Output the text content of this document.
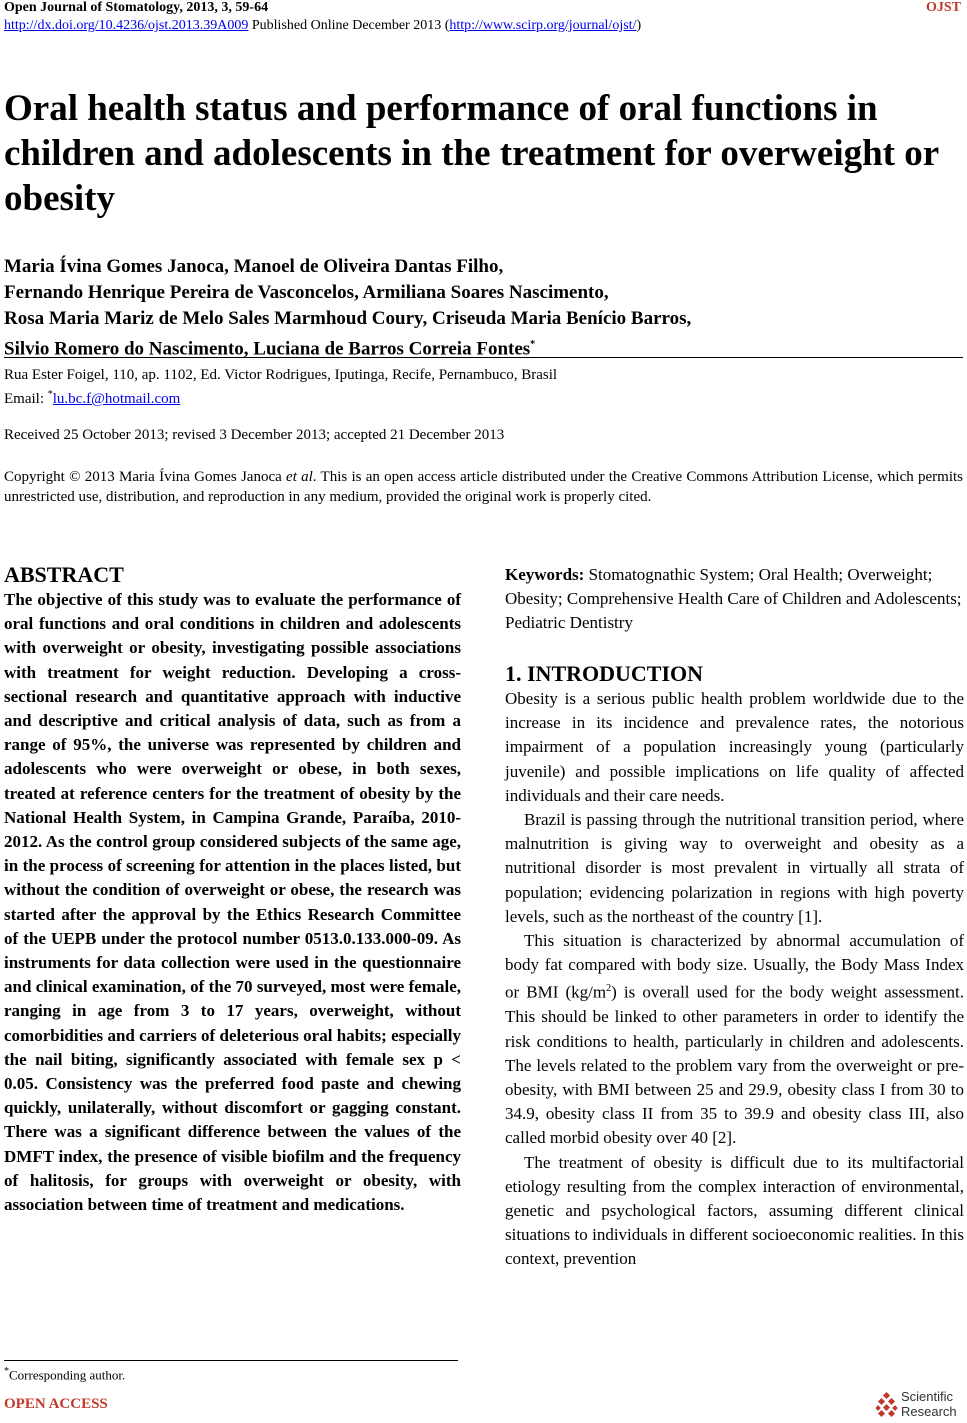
Open Journal of Stomatology, 2013, 3, 59-64	OJST
http://dx.doi.org/10.4236/ojst.2013.39A009 Published Online December 2013 (http://www.scirp.org/journal/ojst/)
Oral health status and performance of oral functions in children and adolescents in the treatment for overweight or obesity
Maria Ívina Gomes Janoca, Manoel de Oliveira Dantas Filho,
Fernando Henrique Pereira de Vasconcelos, Armiliana Soares Nascimento,
Rosa Maria Mariz de Melo Sales Marmhoud Coury, Criseuda Maria Benício Barros,
Silvio Romero do Nascimento, Luciana de Barros Correia Fontes*
Rua Ester Foigel, 110, ap. 1102, Ed. Victor Rodrigues, Iputinga, Recife, Pernambuco, Brasil
Email: *lu.bc.f@hotmail.com
Received 25 October 2013; revised 3 December 2013; accepted 21 December 2013
Copyright © 2013 Maria Ívina Gomes Janoca et al. This is an open access article distributed under the Creative Commons Attribution License, which permits unrestricted use, distribution, and reproduction in any medium, provided the original work is properly cited.
ABSTRACT

The objective of this study was to evaluate the performance of oral functions and oral conditions in children and adolescents with overweight or obesity, investigating possible associations with treatment for weight reduction. Developing a cross-sectional research and quantitative approach with inductive and descriptive and critical analysis of data, such as from a range of 95%, the universe was represented by children and adolescents who were overweight or obese, in both sexes, treated at reference centers for the treatment of obesity by the National Health System, in Campina Grande, Paraíba, 2010-2012. As the control group considered subjects of the same age, in the process of screening for attention in the places listed, but without the condition of overweight or obese, the research was started after the approval by the Ethics Research Committee of the UEPB under the protocol number 0513.0.133.000-09. As instruments for data collection were used in the questionnaire and clinical examination, of the 70 surveyed, most were female, ranging in age from 3 to 17 years, overweight, without comorbidities and carriers of deleterious oral habits; especially the nail biting, significantly associated with female sex p < 0.05. Consistency was the preferred food paste and chewing quickly, unilaterally, without discomfort or gagging constant. There was a significant difference between the values of the DMFT index, the presence of visible biofilm and the frequency of halitosis, for groups with overweight or obesity, with association between time of treatment and medications.

*Corresponding author.

Keywords: Stomatognathic System; Oral Health; Overweight; Obesity; Comprehensive Health Care of Children and Adolescents; Pediatric Dentistry

1. INTRODUCTION

Obesity is a serious public health problem worldwide due to the increase in its incidence and prevalence rates, the notorious impairment of a population increasingly young (particularly juvenile) and possible implications on life quality of affected individuals and their care needs.

Brazil is passing through the nutritional transition period, where malnutrition is giving way to overweight and obesity as a nutritional disorder is most prevalent in virtually all strata of population; evidencing polarization in regions with high poverty levels, such as the northeast of the country [1].

This situation is characterized by abnormal accumulation of body fat compared with body size. Usually, the Body Mass Index or BMI $(kg/m^2)$ is overall used for the body weight assessment. This should be linked to other parameters in order to identify the risk conditions to health, particularly in children and adolescents. The levels related to the problem vary from the overweight or pre-obesity, with BMI between 25 and 29.9, obesity class I from 30 to 34.9, obesity class II from 35 to 39.9 and obesity class III, also called morbid obesity over 40 [2].

The treatment of obesity is difficult due to its multifactorial etiology resulting from the complex interaction of environmental, genetic and psychological factors, assuming different clinical situations to individuals in different socioeconomic realities. In this context, prevention

OPEN ACCESS	Scientific
Research
